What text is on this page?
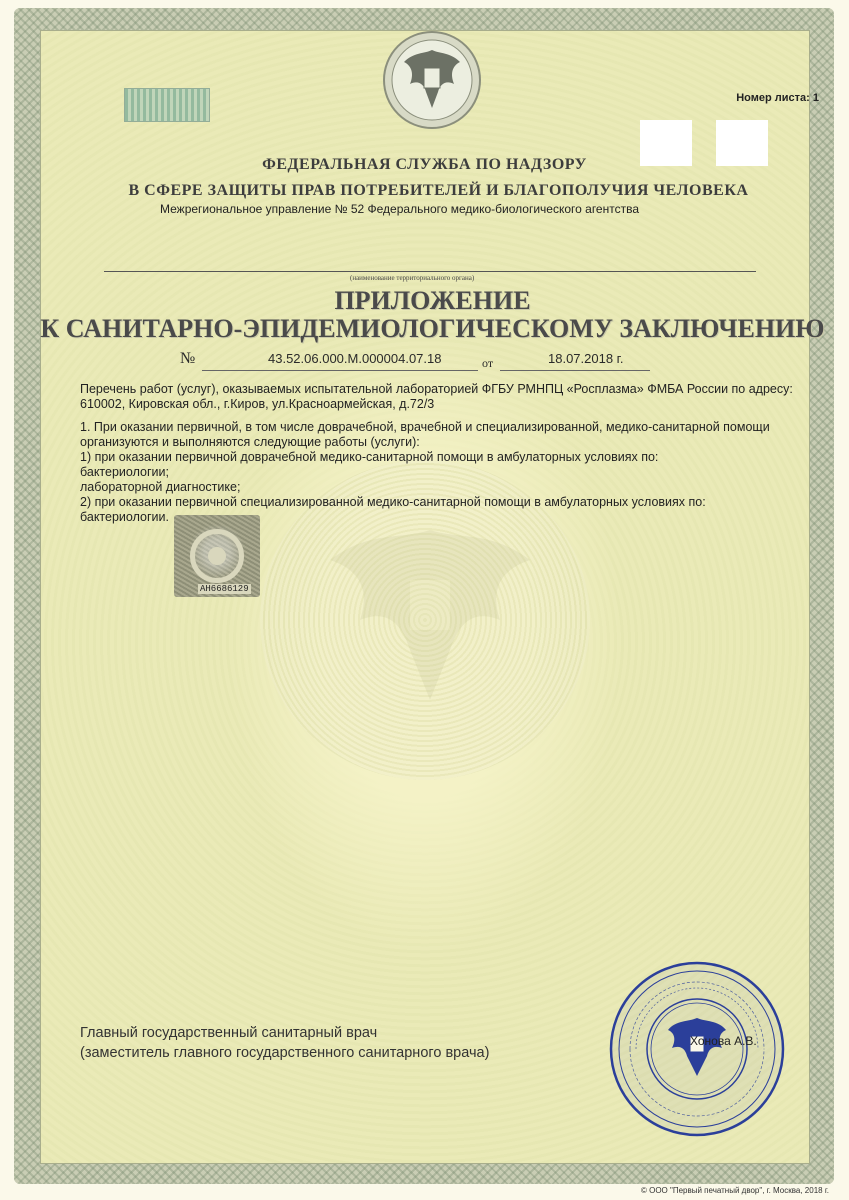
Номер листа: 1
ФЕДЕРАЛЬНАЯ СЛУЖБА ПО НАДЗОРУ
В СФЕРЕ ЗАЩИТЫ ПРАВ ПОТРЕБИТЕЛЕЙ И БЛАГОПОЛУЧИЯ ЧЕЛОВЕКА
Межрегиональное управление № 52 Федерального медико-биологического агентства
(наименование территориального органа)
ПРИЛОЖЕНИЕ
К САНИТАРНО-ЭПИДЕМИОЛОГИЧЕСКОМУ ЗАКЛЮЧЕНИЮ
№	43.52.06.000.М.000004.07.18	от	18.07.2018 г.
Перечень работ (услуг), оказываемых испытательной лабораторией ФГБУ РМНПЦ «Росплазма» ФМБА России по адресу: 610002, Кировская обл., г.Киров, ул.Красноармейская, д.72/3
1. При оказании первичной, в том числе доврачебной, врачебной и специализированной, медико-санитарной помощи организуются и выполняются следующие работы (услуги):
1) при оказании первичной доврачебной медико-санитарной помощи в амбулаторных условиях по:
бактериологии;
лабораторной диагностике;
2) при оказании первичной специализированной медико-санитарной помощи в амбулаторных условиях по:
бактериологии.
АН6686129
Главный государственный санитарный врач
(заместитель главного государственного санитарного врача)
Хонова А.В.
© ООО "Первый печатный двор", г. Москва, 2018 г.
